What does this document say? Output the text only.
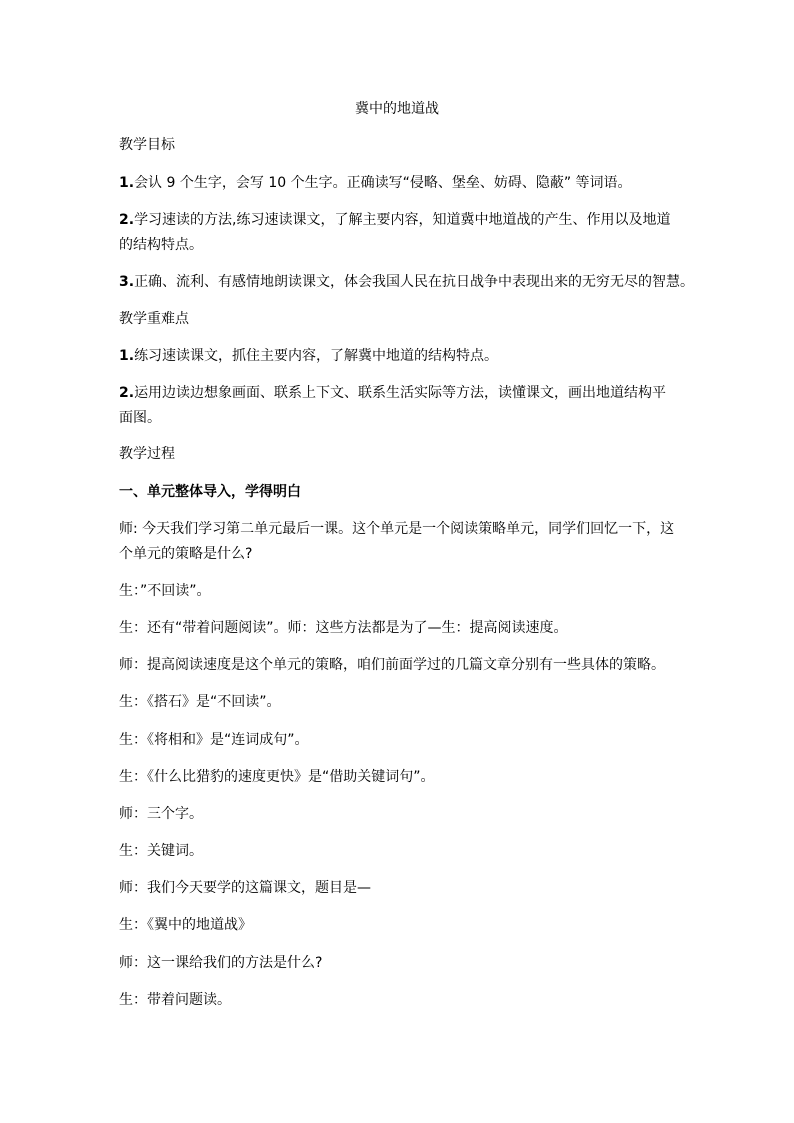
冀中的地道战
教学目标
1.会认 9 个生字，会写 10 个生字。正确读写“侵略、堡垒、妨碍、隐蔽” 等词语。
2.学习速读的方法,练习速读课文，了解主要内容，知道冀中地道战的产生、作用以及地道的结构特点。
3.正确、流利、有感情地朗读课文，体会我国人民在抗日战争中表现出来的无穷无尽的智慧。
教学重难点
1.练习速读课文，抓住主要内容，了解冀中地道的结构特点。
2.运用边读边想象画面、联系上下文、联系生活实际等方法，读懂课文，画出地道结构平面图。
教学过程
一、单元整体导入，学得明白
师: 今天我们学习第二单元最后一课。这个单元是一个阅读策略单元，同学们回忆一下，这个单元的策略是什么?
生：”不回读”。
生：还有“带着问题阅读”。师：这些方法都是为了—生：提高阅读速度。
师：提高阅读速度是这个单元的策略，咱们前面学过的几篇文章分别有一些具体的策略。
生：《搭石》是“不回读”。
生：《将相和》是“连词成句”。
生：《什么比猎豹的速度更快》是“借助关键词句”。
师：三个字。
生：关键词。
师：我们今天要学的这篇课文，题目是—
生：《翼中的地道战》
师：这一课给我们的方法是什么?
生：带着问题读。
